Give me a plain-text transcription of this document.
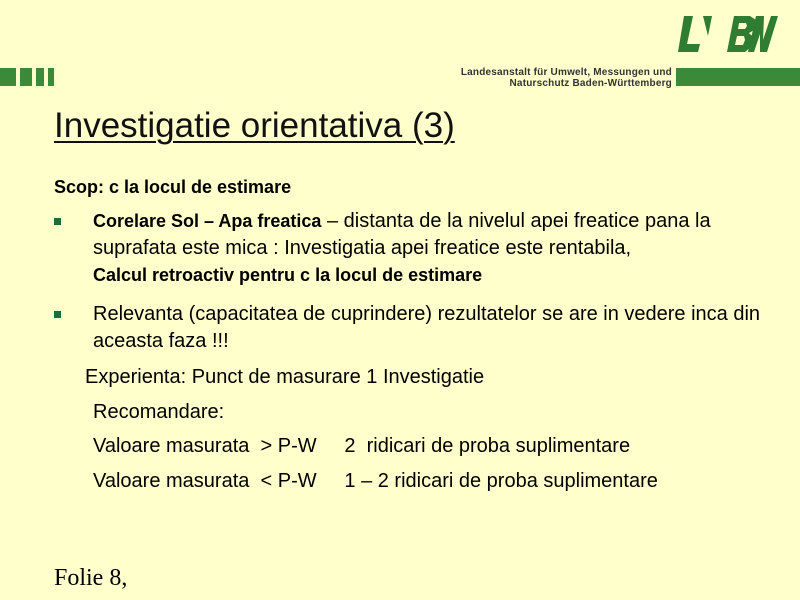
Landesanstalt für Umwelt, Messungen und
Naturschutz Baden-Württemberg
Investigatie orientativa (3)
Scop: c la locul de estimare
Corelare Sol – Apa freatica – distanta de la nivelul apei freatice pana la suprafata este mica : Investigatia apei freatice este rentabila,
Calcul retroactiv pentru c la locul de estimare
Relevanta (capacitatea de cuprindere) rezultatelor se are in vedere inca din aceasta faza !!!
Experienta: Punct de masurare 1 Investigatie
Recomandare:
Valoare masurata  > P-W     2  ridicari de proba suplimentare
Valoare masurata  < P-W     1 – 2 ridicari de proba suplimentare
Folie 8,
